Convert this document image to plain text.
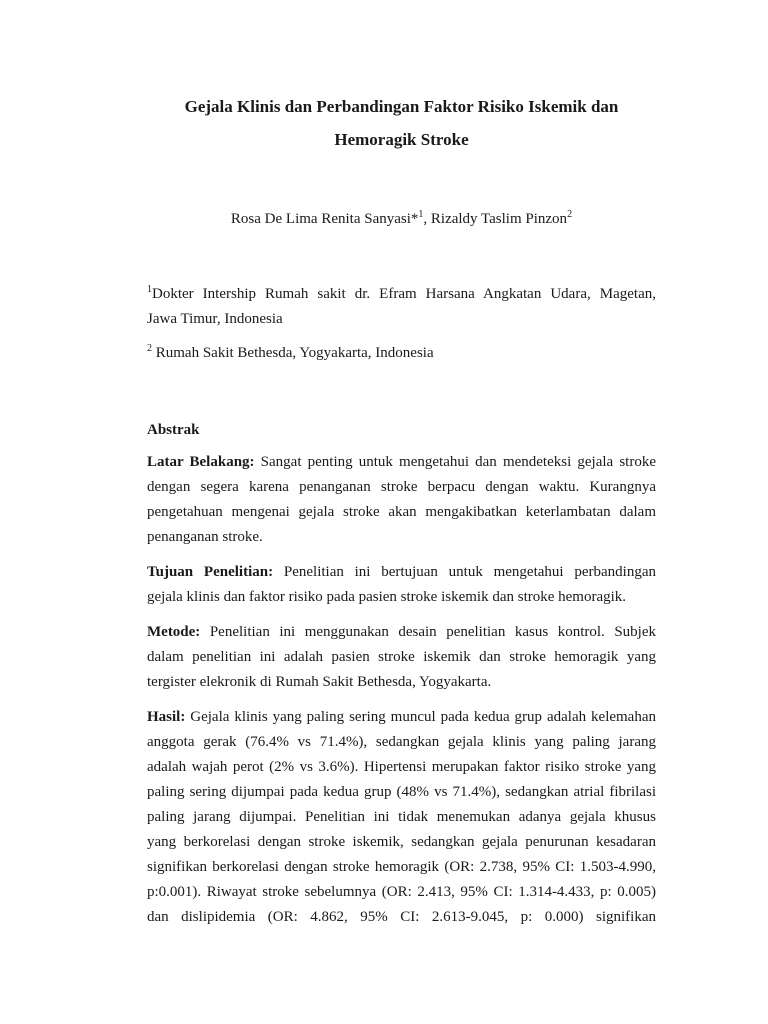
Gejala Klinis dan Perbandingan Faktor Risiko Iskemik dan
Hemoragik Stroke
Rosa De Lima Renita Sanyasi*$^1$, Rizaldy Taslim Pinzon$^2$
$^1$Dokter Intership Rumah sakit dr. Efram Harsana Angkatan Udara, Magetan,
Jawa Timur, Indonesia
$^2$ Rumah Sakit Bethesda, Yogyakarta, Indonesia
Abstrak
Latar Belakang: Sangat penting untuk mengetahui dan mendeteksi gejala stroke
dengan segera karena penanganan stroke berpacu dengan waktu. Kurangnya
pengetahuan mengenai gejala stroke akan mengakibatkan keterlambatan dalam
penanganan stroke.
Tujuan Penelitian: Penelitian ini bertujuan untuk mengetahui perbandingan
gejala klinis dan faktor risiko pada pasien stroke iskemik dan stroke hemoragik.
Metode: Penelitian ini menggunakan desain penelitian kasus kontrol. Subjek
dalam penelitian ini adalah pasien stroke iskemik dan stroke hemoragik yang
tergister elekronik di Rumah Sakit Bethesda, Yogyakarta.
Hasil: Gejala klinis yang paling sering muncul pada kedua grup adalah kelemahan
anggota gerak (76.4% vs 71.4%), sedangkan gejala klinis yang paling jarang
adalah wajah perot (2% vs 3.6%). Hipertensi merupakan faktor risiko stroke yang
paling sering dijumpai pada kedua grup (48% vs 71.4%), sedangkan atrial fibrilasi
paling jarang dijumpai. Penelitian ini tidak menemukan adanya gejala khusus
yang berkorelasi dengan stroke iskemik, sedangkan gejala penurunan kesadaran
signifikan berkorelasi dengan stroke hemoragik (OR: 2.738, 95% CI: 1.503-4.990,
p:0.001). Riwayat stroke sebelumnya (OR: 2.413, 95% CI: 1.314-4.433, p: 0.005)
dan dislipidemia (OR: 4.862, 95% CI: 2.613-9.045, p: 0.000) signifikan
